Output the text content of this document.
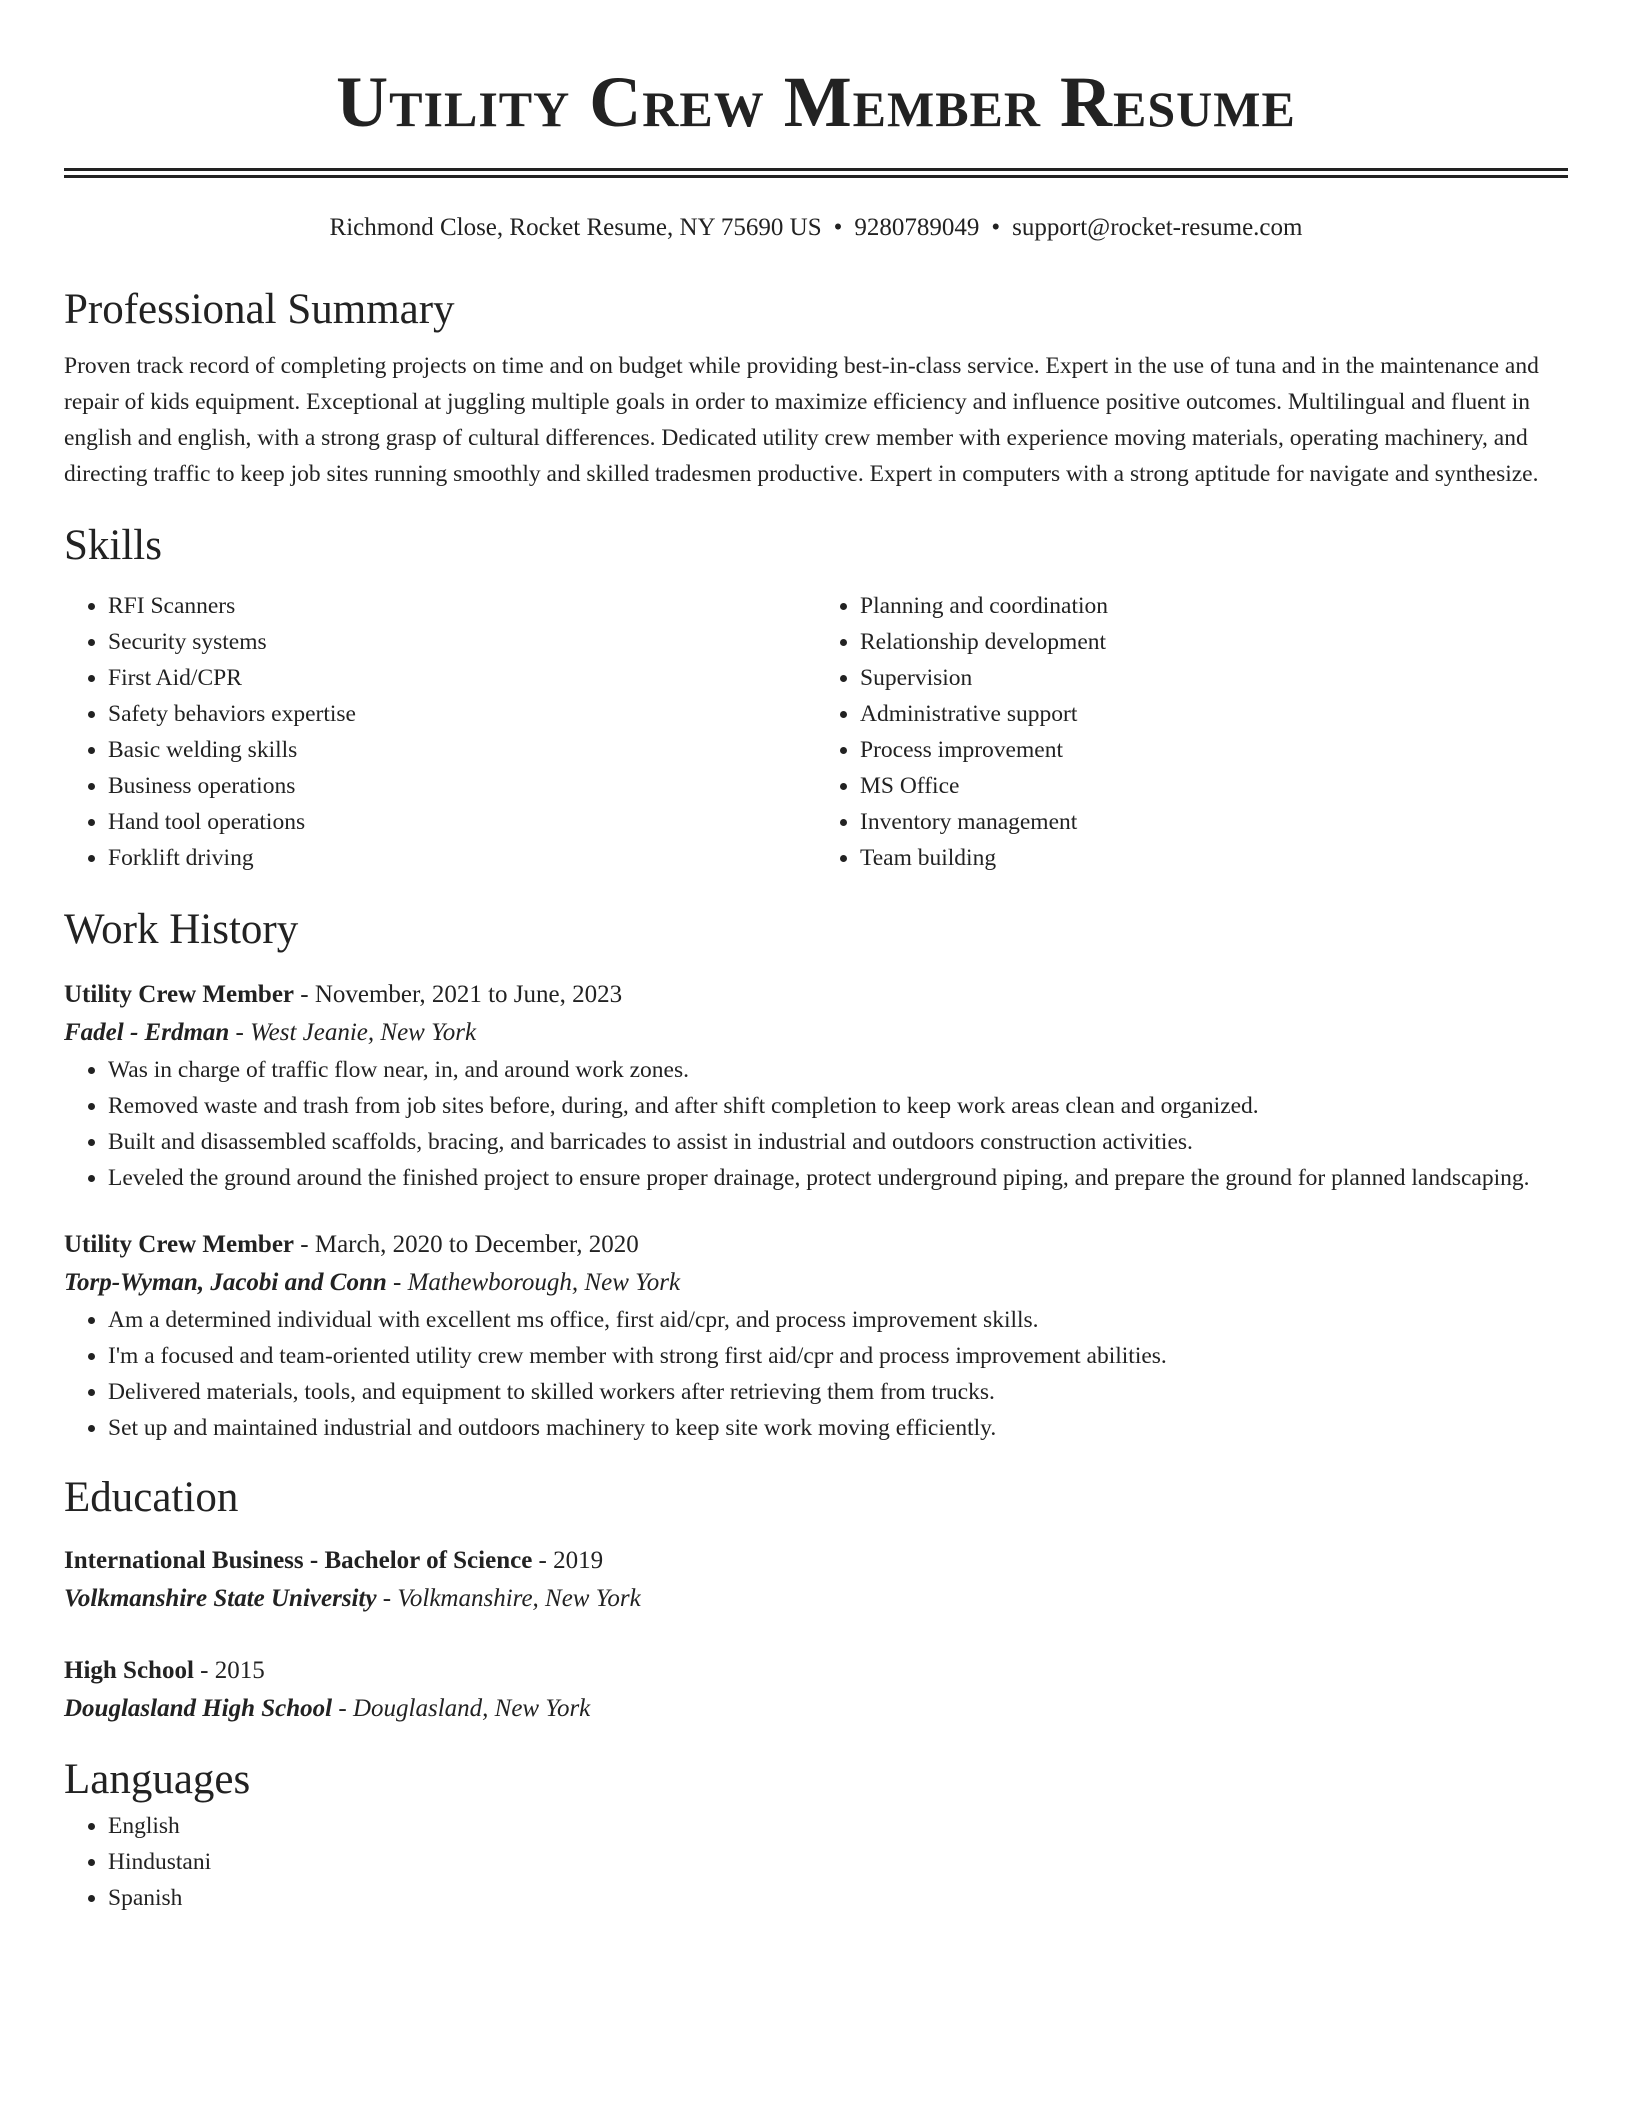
Utility Crew Member Resume
Richmond Close, Rocket Resume, NY 75690 US • 9280789049 • support@rocket-resume.com
Professional Summary
Proven track record of completing projects on time and on budget while providing best-in-class service. Expert in the use of tuna and in the maintenance and repair of kids equipment. Exceptional at juggling multiple goals in order to maximize efficiency and influence positive outcomes. Multilingual and fluent in english and english, with a strong grasp of cultural differences. Dedicated utility crew member with experience moving materials, operating machinery, and directing traffic to keep job sites running smoothly and skilled tradesmen productive. Expert in computers with a strong aptitude for navigate and synthesize.
Skills
• RFI Scanners
• Security systems
• First Aid/CPR
• Safety behaviors expertise
• Basic welding skills
• Business operations
• Hand tool operations
• Forklift driving
• Planning and coordination
• Relationship development
• Supervision
• Administrative support
• Process improvement
• MS Office
• Inventory management
• Team building
Work History
Utility Crew Member - November, 2021 to June, 2023
Fadel - Erdman - West Jeanie, New York
• Was in charge of traffic flow near, in, and around work zones.
• Removed waste and trash from job sites before, during, and after shift completion to keep work areas clean and organized.
• Built and disassembled scaffolds, bracing, and barricades to assist in industrial and outdoors construction activities.
• Leveled the ground around the finished project to ensure proper drainage, protect underground piping, and prepare the ground for planned landscaping.
Utility Crew Member - March, 2020 to December, 2020
Torp-Wyman, Jacobi and Conn - Mathewborough, New York
• Am a determined individual with excellent ms office, first aid/cpr, and process improvement skills.
• I'm a focused and team-oriented utility crew member with strong first aid/cpr and process improvement abilities.
• Delivered materials, tools, and equipment to skilled workers after retrieving them from trucks.
• Set up and maintained industrial and outdoors machinery to keep site work moving efficiently.
Education
International Business - Bachelor of Science - 2019
Volkmanshire State University - Volkmanshire, New York
High School - 2015
Douglasland High School - Douglasland, New York
Languages
• English
• Hindustani
• Spanish
